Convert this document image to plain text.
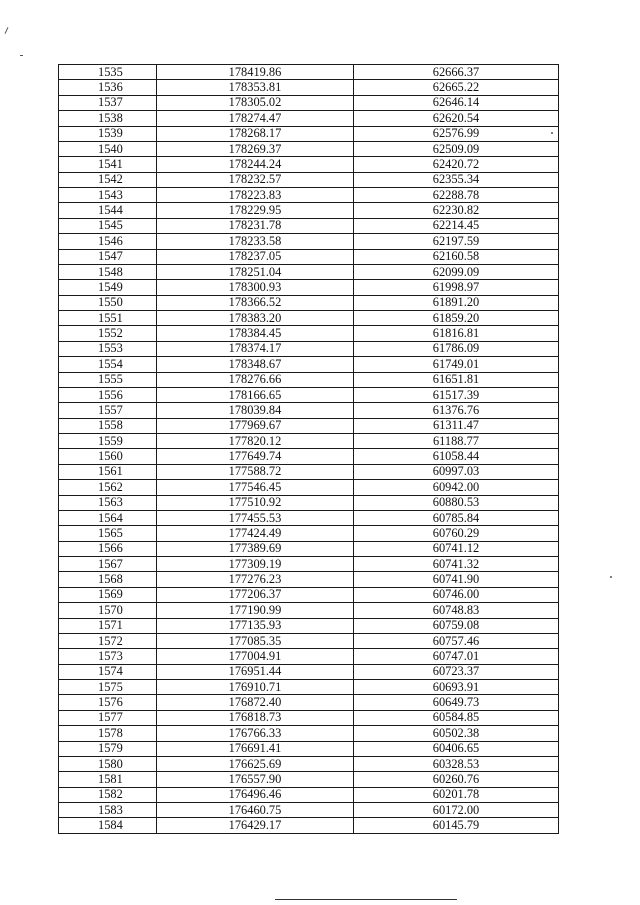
1535	178419.86	62666.37
1536	178353.81	62665.22
1537	178305.02	62646.14
1538	178274.47	62620.54
1539	178268.17	62576.99
1540	178269.37	62509.09
1541	178244.24	62420.72
1542	178232.57	62355.34
1543	178223.83	62288.78
1544	178229.95	62230.82
1545	178231.78	62214.45
1546	178233.58	62197.59
1547	178237.05	62160.58
1548	178251.04	62099.09
1549	178300.93	61998.97
1550	178366.52	61891.20
1551	178383.20	61859.20
1552	178384.45	61816.81
1553	178374.17	61786.09
1554	178348.67	61749.01
1555	178276.66	61651.81
1556	178166.65	61517.39
1557	178039.84	61376.76
1558	177969.67	61311.47
1559	177820.12	61188.77
1560	177649.74	61058.44
1561	177588.72	60997.03
1562	177546.45	60942.00
1563	177510.92	60880.53
1564	177455.53	60785.84
1565	177424.49	60760.29
1566	177389.69	60741.12
1567	177309.19	60741.32
1568	177276.23	60741.90
1569	177206.37	60746.00
1570	177190.99	60748.83
1571	177135.93	60759.08
1572	177085.35	60757.46
1573	177004.91	60747.01
1574	176951.44	60723.37
1575	176910.71	60693.91
1576	176872.40	60649.73
1577	176818.73	60584.85
1578	176766.33	60502.38
1579	176691.41	60406.65
1580	176625.69	60328.53
1581	176557.90	60260.76
1582	176496.46	60201.78
1583	176460.75	60172.00
1584	176429.17	60145.79
